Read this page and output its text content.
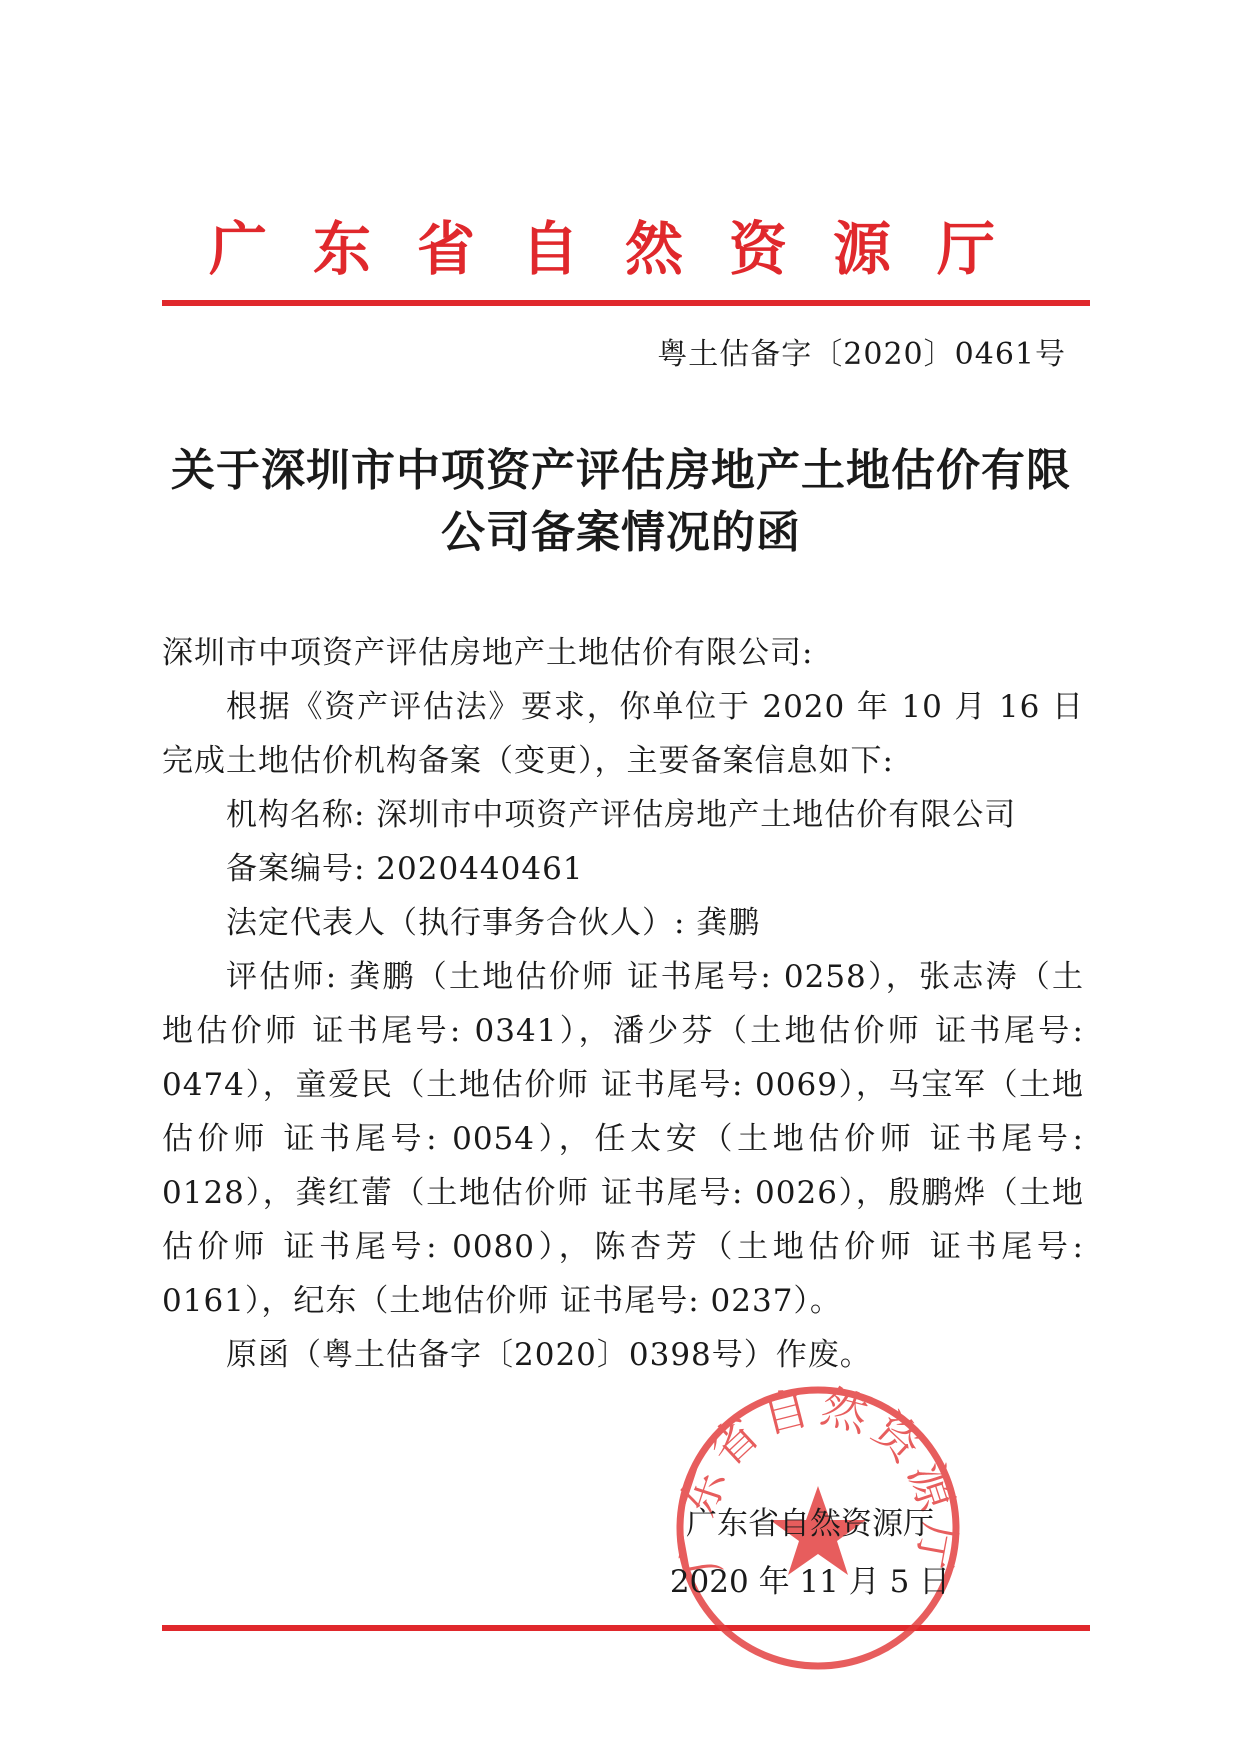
广东省自然资源厅
粤土估备字〔2020〕0461号
关于深圳市中项资产评估房地产土地估价有限
公司备案情况的函

深圳市中项资产评估房地产土地估价有限公司:

根据《资产评估法》要求，你单位于 2020 年 10 月 16 日完成土地估价机构备案（变更），主要备案信息如下:

机构名称: 深圳市中项资产评估房地产土地估价有限公司

备案编号: 2020440461

法定代表人（执行事务合伙人）: 龚鹏

评估师: 龚鹏（土地估价师 证书尾号: 0258），张志涛（土地估价师 证书尾号: 0341），潘少芬（土地估价师 证书尾号: 0474），童爱民（土地估价师 证书尾号: 0069），马宝军（土地估价师 证书尾号: 0054），任太安（土地估价师 证书尾号: 0128），龚红蕾（土地估价师 证书尾号: 0026），殷鹏烨（土地估价师 证书尾号: 0080），陈杏芳（土地估价师 证书尾号: 0161），纪东（土地估价师 证书尾号: 0237）。

原函（粤土估备字〔2020〕0398号）作废。

广东省自然资源厅
广东省自然资源厅
2020 年 11 月 5 日
